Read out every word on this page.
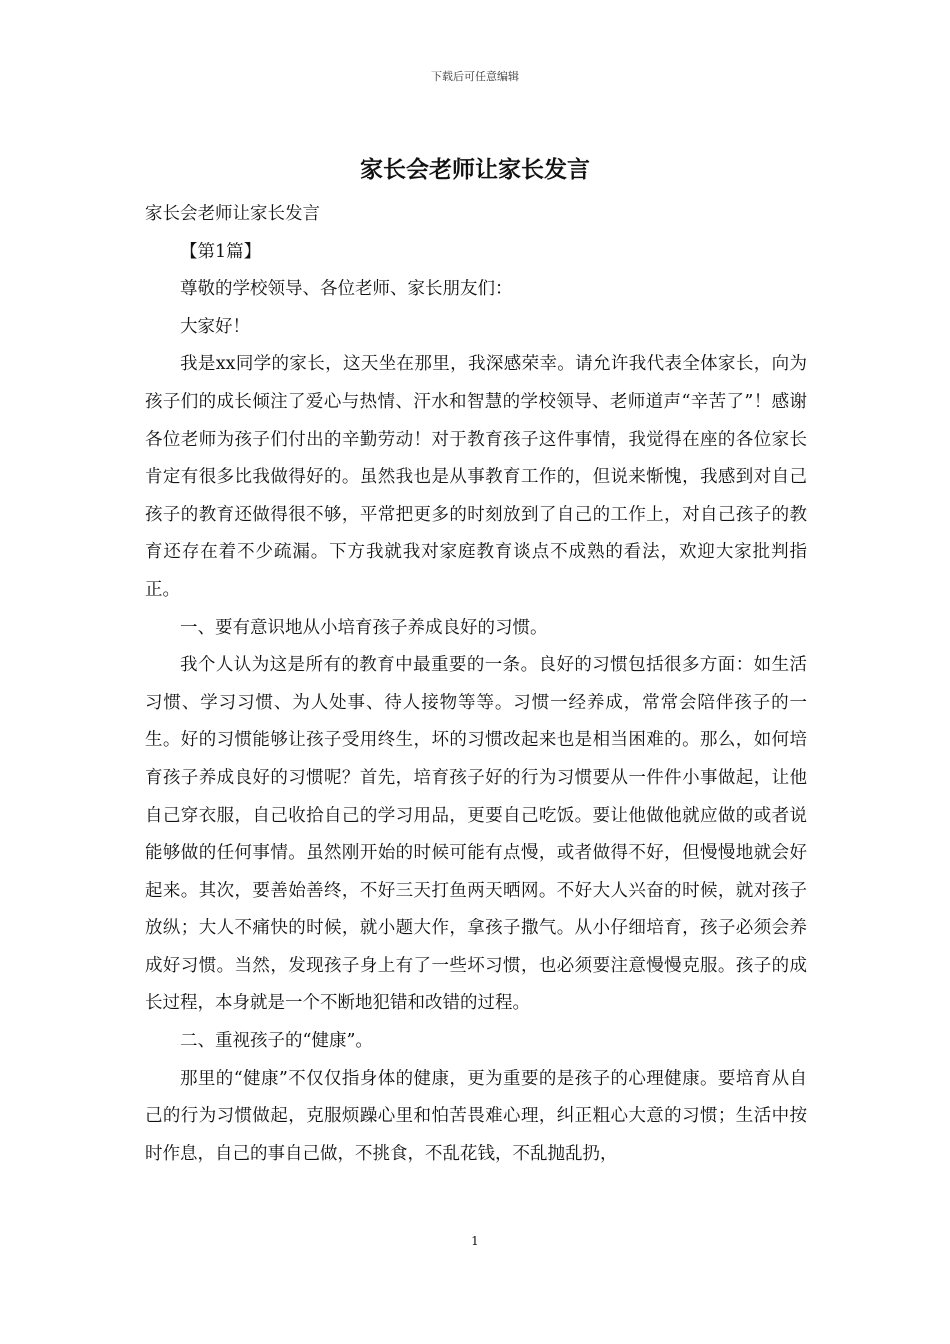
下载后可任意编辑
家长会老师让家长发言

家长会老师让家长发言

【第1篇】

尊敬的学校领导、各位老师、家长朋友们：

大家好！

我是xx同学的家长，这天坐在那里，我深感荣幸。请允许我代表全体家长，向为孩子们的成长倾注了爱心与热情、汗水和智慧的学校领导、老师道声“辛苦了”！感谢各位老师为孩子们付出的辛勤劳动！对于教育孩子这件事情，我觉得在座的各位家长肯定有很多比我做得好的。虽然我也是从事教育工作的，但说来惭愧，我感到对自己孩子的教育还做得很不够，平常把更多的时刻放到了自己的工作上，对自己孩子的教育还存在着不少疏漏。下方我就我对家庭教育谈点不成熟的看法，欢迎大家批判指正。

一、要有意识地从小培育孩子养成良好的习惯。

我个人认为这是所有的教育中最重要的一条。良好的习惯包括很多方面：如生活习惯、学习习惯、为人处事、待人接物等等。习惯一经养成，常常会陪伴孩子的一生。好的习惯能够让孩子受用终生，坏的习惯改起来也是相当困难的。那么，如何培育孩子养成良好的习惯呢？首先，培育孩子好的行为习惯要从一件件小事做起，让他自己穿衣服，自己收拾自己的学习用品，更要自己吃饭。要让他做他就应做的或者说能够做的任何事情。虽然刚开始的时候可能有点慢，或者做得不好，但慢慢地就会好起来。其次，要善始善终，不好三天打鱼两天晒网。不好大人兴奋的时候，就对孩子放纵；大人不痛快的时候，就小题大作，拿孩子撒气。从小仔细培育，孩子必须会养成好习惯。当然，发现孩子身上有了一些坏习惯，也必须要注意慢慢克服。孩子的成长过程，本身就是一个不断地犯错和改错的过程。

二、重视孩子的“健康”。

那里的“健康”不仅仅指身体的健康，更为重要的是孩子的心理健康。要培育从自己的行为习惯做起，克服烦躁心里和怕苦畏难心理，纠正粗心大意的习惯；生活中按时作息，自己的事自己做，不挑食，不乱花钱，不乱抛乱扔，

1
